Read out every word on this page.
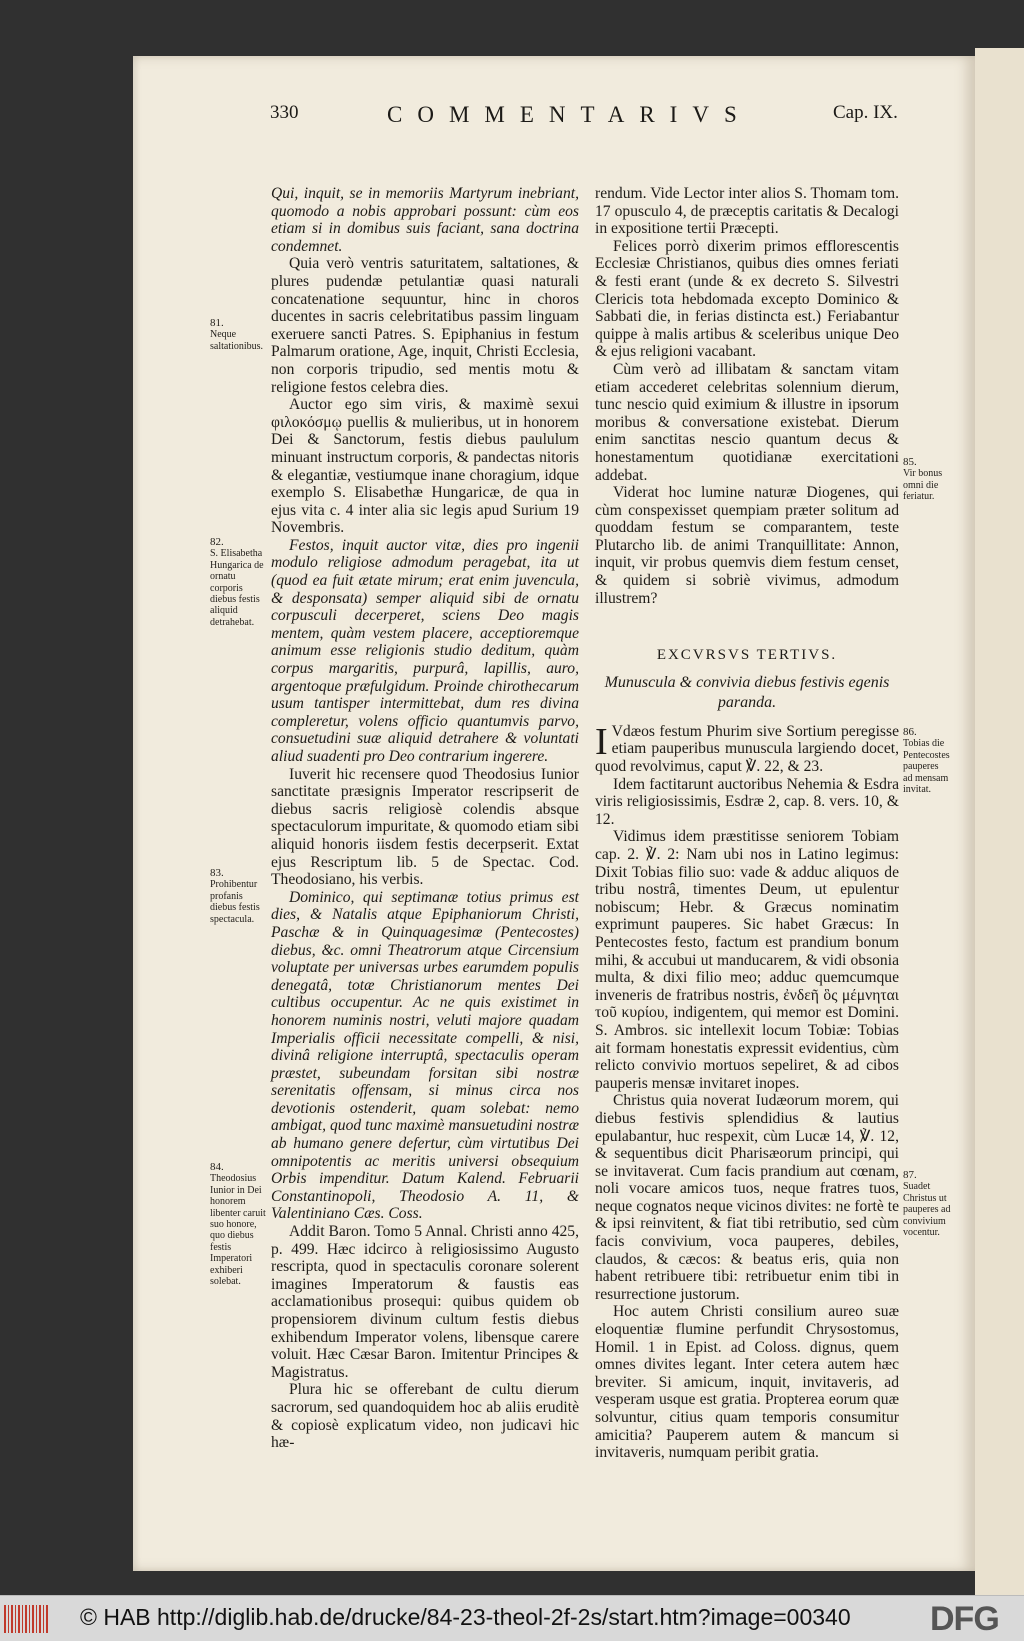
330	COMMENTARIVS	Cap. IX.

Qui, inquit, se in memoriis Martyrum inebriant, quomodo a nobis approbari possunt: cùm eos etiam si in domibus suis faciant, sana doctrina condemnet.

Quia verò ventris saturitatem, saltationes, & plures pudendæ petulantiæ quasi naturali concatenatione sequuntur, hinc in choros ducentes in sacris celebritatibus passim linguam exeruere sancti Patres. S. Epiphanius in festum Palmarum oratione, Age, inquit, Christi Ecclesia, non corporis tripudio, sed mentis motu & religione festos celebra dies.

Auctor ego sim viris, & maximè sexui φιλοκόσμῳ puellis & mulieribus, ut in honorem Dei & Sanctorum, festis diebus paululum minuant instructum corporis, & pandectas nitoris & elegantiæ, vestiumque inane choragium, idque exemplo S. Elisabethæ Hungaricæ, de qua in ejus vita c. 4 inter alia sic legis apud Surium 19 Novembris.

Festos, inquit auctor vitæ, dies pro ingenii modulo religiose admodum peragebat, ita ut (quod ea fuit ætate mirum; erat enim juvencula, & desponsata) semper aliquid sibi de ornatu corpusculi decerperet, sciens Deo magis mentem, quàm vestem placere, acceptioremque animum esse religionis studio deditum, quàm corpus margaritis, purpurâ, lapillis, auro, argentoque præfulgidum. Proinde chirothecarum usum tantisper intermittebat, dum res divina compleretur, volens officio quantumvis parvo, consuetudini suæ aliquid detrahere & voluntati aliud suadenti pro Deo contrarium ingerere.

Iuverit hic recensere quod Theodosius Iunior sanctitate præsignis Imperator rescripserit de diebus sacris religiosè colendis absque spectaculorum impuritate, & quomodo etiam sibi aliquid honoris iisdem festis decerpserit. Extat ejus Rescriptum lib. 5 de Spectac. Cod. Theodosiano, his verbis.

Dominico, qui septimanæ totius primus est dies, & Natalis atque Epiphaniorum Christi, Paschæ & in Quinquagesimæ (Pentecostes) diebus, &c. omni Theatrorum atque Circensium voluptate per universas urbes earumdem populis denegatâ, totæ Christianorum mentes Dei cultibus occupentur. Ac ne quis existimet in honorem numinis nostri, veluti majore quadam Imperialis officii necessitate compelli, & nisi, divinâ religione interruptâ, spectaculis operam præstet, subeundam forsitan sibi nostræ serenitatis offensam, si minus circa nos devotionis ostenderit, quam solebat: nemo ambigat, quod tunc maximè mansuetudini nostræ ab humano genere defertur, cùm virtutibus Dei omnipotentis ac meritis universi obsequium Orbis impenditur. Datum Kalend. Februarii Constantinopoli, Theodosio A. 11, & Valentiniano Cæs. Coss.

Addit Baron. Tomo 5 Annal. Christi anno 425, p. 499. Hæc idcirco à religiosissimo Augusto rescripta, quod in spectaculis coronare solerent imagines Imperatorum & faustis eas acclamationibus prosequi: quibus quidem ob propensiorem divinum cultum festis diebus exhibendum Imperator volens, libensque carere voluit. Hæc Cæsar Baron. Imitentur Principes & Magistratus.

Plura hic se offerebant de cultu dierum sacrorum, sed quandoquidem hoc ab aliis eruditè & copiosè explicatum video, non judicavi hic hæ-

rendum. Vide Lector inter alios S. Thomam tom. 17 opusculo 4, de præceptis caritatis & Decalogi in expositione tertii Præcepti.

Felices porrò dixerim primos efflorescentis Ecclesiæ Christianos, quibus dies omnes feriati & festi erant (unde & ex decreto S. Silvestri Clericis tota hebdomada excepto Dominico & Sabbati die, in ferias distincta est.) Feriabantur quippe à malis artibus & sceleribus unique Deo & ejus religioni vacabant.

Cùm verò ad illibatam & sanctam vitam etiam accederet celebritas solennium dierum, tunc nescio quid eximium & illustre in ipsorum moribus & conversatione existebat. Dierum enim sanctitas nescio quantum decus & honestamentum quotidianæ exercitationi addebat.

Viderat hoc lumine naturæ Diogenes, qui cùm conspexisset quempiam præter solitum ad quoddam festum se comparantem, teste Plutarcho lib. de animi Tranquillitate: Annon, inquit, vir probus quemvis diem festum censet, & quidem si sobriè vivimus, admodum illustrem?

EXCVRSVS TERTIVS.
Munuscula & convivia diebus festivis egenis paranda.

I Vdæos festum Phurim sive Sortium peregisse etiam pauperibus munuscula largiendo docet, quod revolvimus, caput ℣. 22, & 23.

Idem factitarunt auctoribus Nehemia & Esdra viris religiosissimis, Esdræ 2, cap. 8. vers. 10, & 12.

Vidimus idem præstitisse seniorem Tobiam cap. 2. ℣. 2: Nam ubi nos in Latino legimus: Dixit Tobias filio suo: vade & adduc aliquos de tribu nostrâ, timentes Deum, ut epulentur nobiscum; Hebr. & Græcus nominatim exprimunt pauperes. Sic habet Græcus: In Pentecostes festo, factum est prandium bonum mihi, & accubui ut manducarem, & vidi obsonia multa, & dixi filio meo; adduc quemcumque inveneris de fratribus nostris, ἐνδεῆ ὃς μέμνηται τοῦ κυρίου, indigentem, qui memor est Domini. S. Ambros. sic intellexit locum Tobiæ: Tobias ait formam honestatis expressit evidentius, cùm relicto convivio mortuos sepeliret, & ad cibos pauperis mensæ invitaret inopes.

Christus quia noverat Iudæorum morem, qui diebus festivis splendidius & lautius epulabantur, huc respexit, cùm Lucæ 14, ℣. 12, & sequentibus dicit Pharisæorum principi, qui se invitaverat. Cum facis prandium aut cœnam, noli vocare amicos tuos, neque fratres tuos, neque cognatos neque vicinos divites: ne fortè te & ipsi reinvitent, & fiat tibi retributio, sed cùm facis convivium, voca pauperes, debiles, claudos, & cæcos: & beatus eris, quia non habent retribuere tibi: retribuetur enim tibi in resurrectione justorum.

Hoc autem Christi consilium aureo suæ eloquentiæ flumine perfundit Chrysostomus, Homil. 1 in Epist. ad Coloss. dignus, quem omnes divites legant. Inter cetera autem hæc breviter. Si amicum, inquit, invitaveris, ad vesperam usque est gratia. Propterea eorum quæ solvuntur, citius quam temporis consumitur amicitia? Pauperem autem & mancum si invitaveris, numquam peribit gratia.

81.
Neque saltationibus.
82.
S. Elisabetha Hungarica de ornatu corporis diebus festis aliquid detrahebat.
83.
Prohibentur profanis diebus festis spectacula.
84.
Theodosius Iunior in Dei honorem libenter caruit suo honore, quo diebus festis Imperatori exhiberi solebat.
85.
Vir bonus omni die feriatur.
86.
Tobias die Pentecostes pauperes ad mensam invitat.
87.
Suadet Christus ut pauperes ad convivium vocentur.
© HAB http://diglib.hab.de/drucke/84-23-theol-2f-2s/start.htm?image=00340 DFG
